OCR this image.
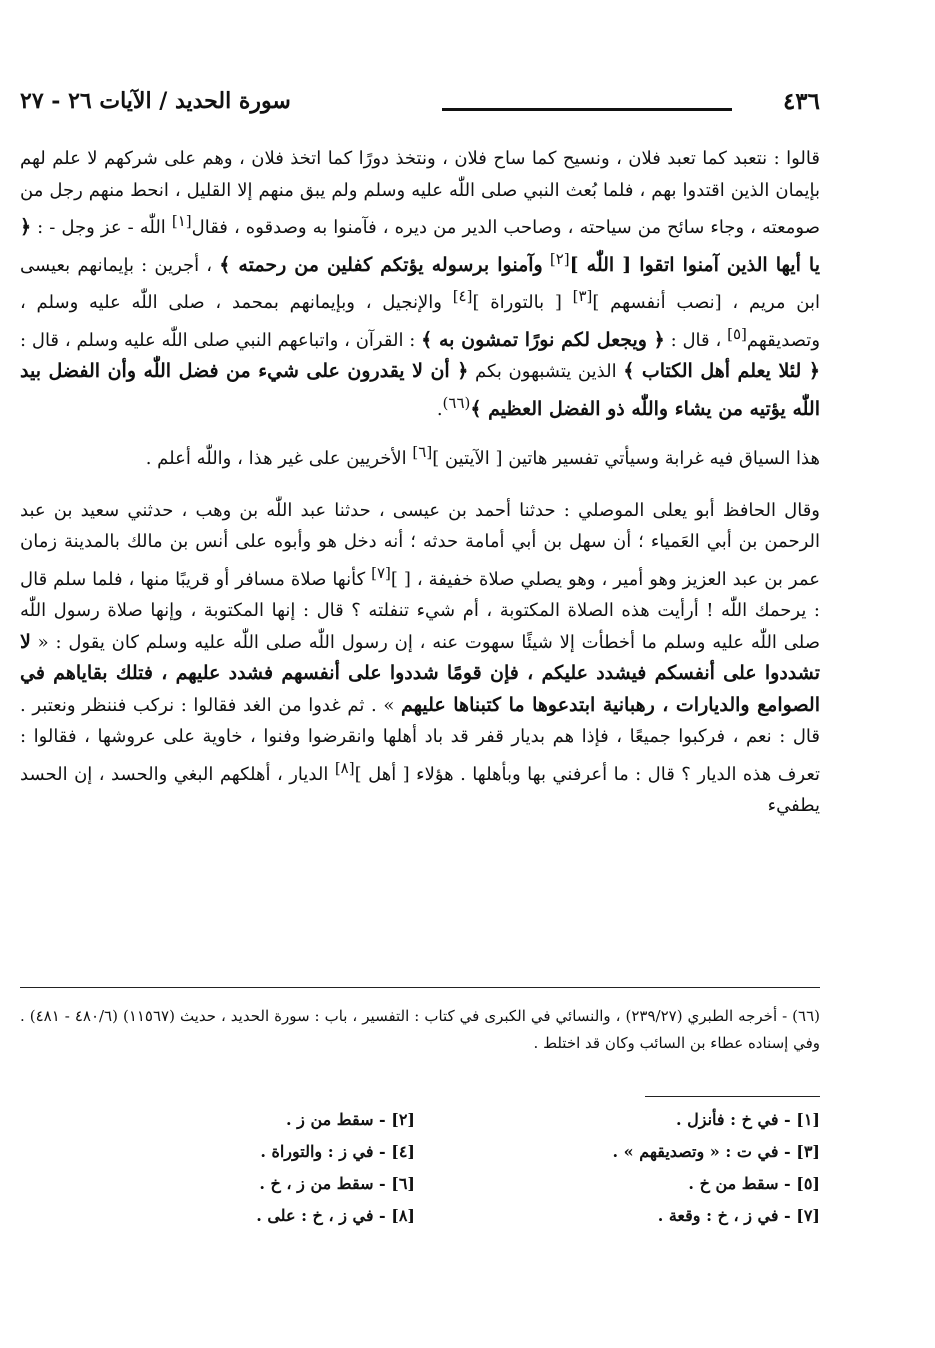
٤٣٦
سورة الحديد / الآيات ٢٦ - ٢٧

قالوا : نتعبد كما تعبد فلان ، ونسيح كما ساح فلان ، ونتخذ دورًا كما اتخذ فلان ، وهم على شركهم لا علم لهم بإيمان الذين اقتدوا بهم ، فلما بُعث النبي صلى اللّٰه عليه وسلم ولم يبق منهم إلا القليل ، انحط منهم رجل من صومعته ، وجاء سائح من سياحته ، وصاحب الدير من ديره ، فآمنوا به وصدقوه ، فقال[١] اللّٰه - عز وجل - : ﴿ يا أيها الذين آمنوا اتقوا [ اللّٰه ][٢] وآمنوا برسوله يؤتكم كفلين من رحمته ﴾ ، أجرين : بإيمانهم بعيسى ابن مريم ، [نصب أنفسهم ][٣] [ بالتوراة ][٤] والإنجيل ، وبإيمانهم بمحمد ، صلى اللّٰه عليه وسلم ، وتصديقهم[٥] ، قال : ﴿ ويجعل لكم نورًا تمشون به ﴾ : القرآن ، واتباعهم النبي صلى اللّٰه عليه وسلم ، قال : ﴿ لئلا يعلم أهل الكتاب ﴾ الذين يتشبهون بكم ﴿ أن لا يقدرون على شيء من فضل اللّٰه وأن الفضل بيد اللّٰه يؤتيه من يشاء واللّٰه ذو الفضل العظيم ﴾$^{(٦٦)}$.

هذا السياق فيه غرابة وسيأتي تفسير هاتين [ الآيتين ][٦] الأخريين على غير هذا ، واللّٰه أعلم .

وقال الحافظ أبو يعلى الموصلي : حدثنا أحمد بن عيسى ، حدثنا عبد اللّٰه بن وهب ، حدثني سعيد بن عبد الرحمن بن أبي العَمياء ؛ أن سهل بن أبي أمامة حدثه ؛ أنه دخل هو وأبوه على أنس بن مالك بالمدينة زمان عمر بن عبد العزيز وهو أمير ، وهو يصلي صلاة خفيفة ، [ ][٧] كأنها صلاة مسافر أو قريبًا منها ، فلما سلم قال : يرحمك اللّٰه ! أرأيت هذه الصلاة المكتوبة ، أم شيء تنفلته ؟ قال : إنها المكتوبة ، وإنها صلاة رسول اللّٰه صلى اللّٰه عليه وسلم ما أخطأت إلا شيئًا سهوت عنه ، إن رسول اللّٰه صلى اللّٰه عليه وسلم كان يقول : « لا تشددوا على أنفسكم فيشدد عليكم ، فإن قومًا شددوا على أنفسهم فشدد عليهم ، فتلك بقاياهم في الصوامع والديارات ، رهبانية ابتدعوها ما كتبناها عليهم » . ثم غدوا من الغد فقالوا : نركب فننظر ونعتبر . قال : نعم ، فركبوا جميعًا ، فإذا هم بديار قفر قد باد أهلها وانقرضوا وفنوا ، خاوية على عروشها ، فقالوا : تعرف هذه الديار ؟ قال : ما أعرفني بها وبأهلها . هؤلاء [ أهل ][٨] الديار ، أهلكهم البغي والحسد ، إن الحسد يطفيء

(٦٦) - أخرجه الطبري (٢٣٩/٢٧) ، والنسائي في الكبرى في كتاب : التفسير ، باب : سورة الحديد ، حديث (١١٥٦٧) (٤٨٠/٦ - ٤٨١) . وفي إسناده عطاء بن السائب وكان قد اختلط .
[١] - في خ : فأنزل .
[٢] - سقط من ز .
[٣] - في ت : « وتصديقهم » .
[٤] - في ز : والتوراة .
[٥] - سقط من خ .
[٦] - سقط من ز ، خ .
[٧] - في ز ، خ : وقعة .
[٨] - في ز ، خ : على .
